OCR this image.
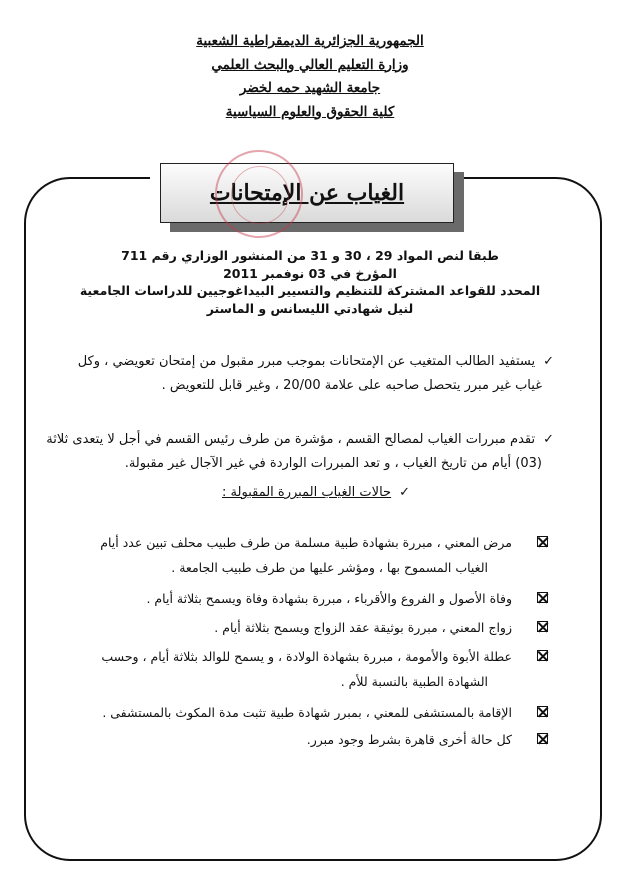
الجمهورية الجزائرية الديمقراطية الشعبية
وزارة التعليم العالي والبحث العلمي
جامعة الشهيد حمه لخضر
كلية الحقوق والعلوم السياسية
الغياب عن الإمتحانات
طبقا لنص المواد 29 ، 30 و 31 من المنشور الوزاري رقم 711
المؤرخ في 03 نوفمبر 2011
المحدد للقواعد المشتركة للتنظيم والتسيير البيداغوجيين للدراسات الجامعية
لنيل شهادتي الليسانس و الماستر
✓يستفيد الطالب المتغيب عن الإمتحانات بموجب مبرر مقبول من إمتحان تعويضي ، وكل
غياب غير مبرر يتحصل صاحبه على علامة 20/00 ، وغير قابل للتعويض .
✓تقدم مبررات الغياب لمصالح القسم ، مؤشرة من طرف رئيس القسم في أجل لا يتعدى ثلاثة
(03) أيام من تاريخ الغياب ، و تعد المبررات الواردة في غير الآجال غير مقبولة.
✓حالات الغياب المبررة المقبولة :
مرض المعني ، مبررة بشهادة طبية مسلمة من طرف طبيب محلف تبين عدد أيام
الغياب المسموح بها ، ومؤشر عليها من طرف طبيب الجامعة .
وفاة الأصول و الفروع والأقرباء ، مبررة بشهادة وفاة ويسمح بثلاثة أيام .
زواج المعني ، مبررة بوثيقة عقد الزواج ويسمح بثلاثة أيام .
عطلة الأبوة والأمومة ، مبررة بشهادة الولادة ، و يسمح للوالد بثلاثة أيام ، وحسب
الشهادة الطبية بالنسبة للأم .
الإقامة بالمستشفى للمعني ، بمبرر شهادة طبية تثبت مدة المكوث بالمستشفى .
كل حالة أخرى قاهرة بشرط وجود مبرر.
